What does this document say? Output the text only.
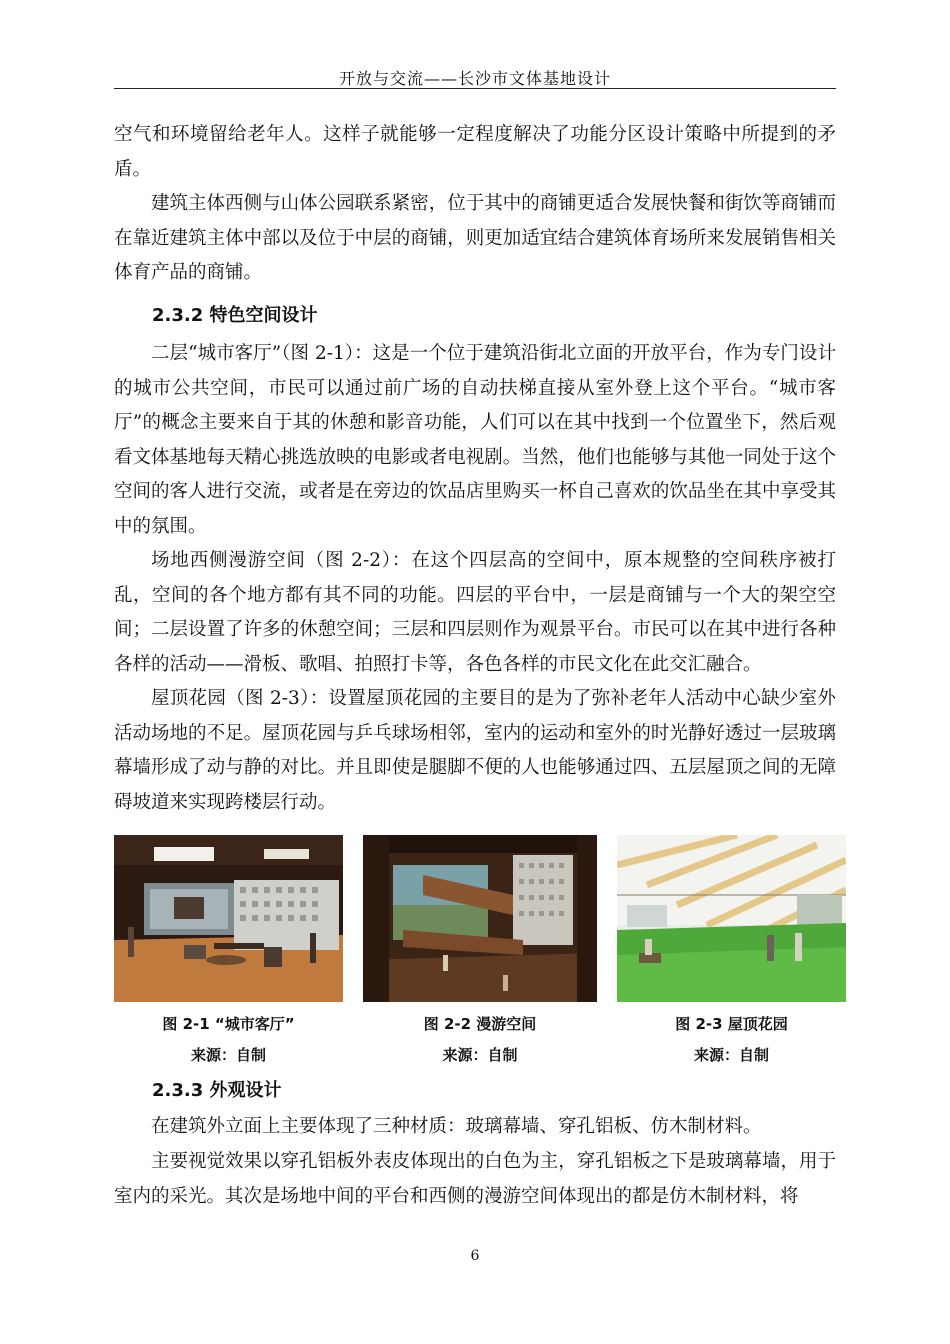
开放与交流——长沙市文体基地设计

空气和环境留给老年人。这样子就能够一定程度解决了功能分区设计策略中所提到的矛盾。

建筑主体西侧与山体公园联系紧密，位于其中的商铺更适合发展快餐和街饮等商铺而在靠近建筑主体中部以及位于中层的商铺，则更加适宜结合建筑体育场所来发展销售相关体育产品的商铺。

2.3.2 特色空间设计

二层“城市客厅”（图 2-1）：这是一个位于建筑沿街北立面的开放平台，作为专门设计的城市公共空间，市民可以通过前广场的自动扶梯直接从室外登上这个平台。“城市客厅”的概念主要来自于其的休憩和影音功能，人们可以在其中找到一个位置坐下，然后观看文体基地每天精心挑选放映的电影或者电视剧。当然，他们也能够与其他一同处于这个空间的客人进行交流，或者是在旁边的饮品店里购买一杯自己喜欢的饮品坐在其中享受其中的氛围。

场地西侧漫游空间（图 2-2）：在这个四层高的空间中，原本规整的空间秩序被打乱，空间的各个地方都有其不同的功能。四层的平台中，一层是商铺与一个大的架空空间；二层设置了许多的休憩空间；三层和四层则作为观景平台。市民可以在其中进行各种各样的活动——滑板、歌唱、拍照打卡等，各色各样的市民文化在此交汇融合。

屋顶花园（图 2-3）：设置屋顶花园的主要目的是为了弥补老年人活动中心缺少室外活动场地的不足。屋顶花园与乒乓球场相邻，室内的运动和室外的时光静好透过一层玻璃幕墙形成了动与静的对比。并且即使是腿脚不便的人也能够通过四、五层屋顶之间的无障碍坡道来实现跨楼层行动。

图 2-1 “城市客厅”
来源：自制
图 2-2 漫游空间
来源：自制
图 2-3 屋顶花园
来源：自制
2.3.3 外观设计

在建筑外立面上主要体现了三种材质：玻璃幕墙、穿孔铝板、仿木制材料。

主要视觉效果以穿孔铝板外表皮体现出的白色为主，穿孔铝板之下是玻璃幕墙，用于室内的采光。其次是场地中间的平台和西侧的漫游空间体现出的都是仿木制材料，将

6
